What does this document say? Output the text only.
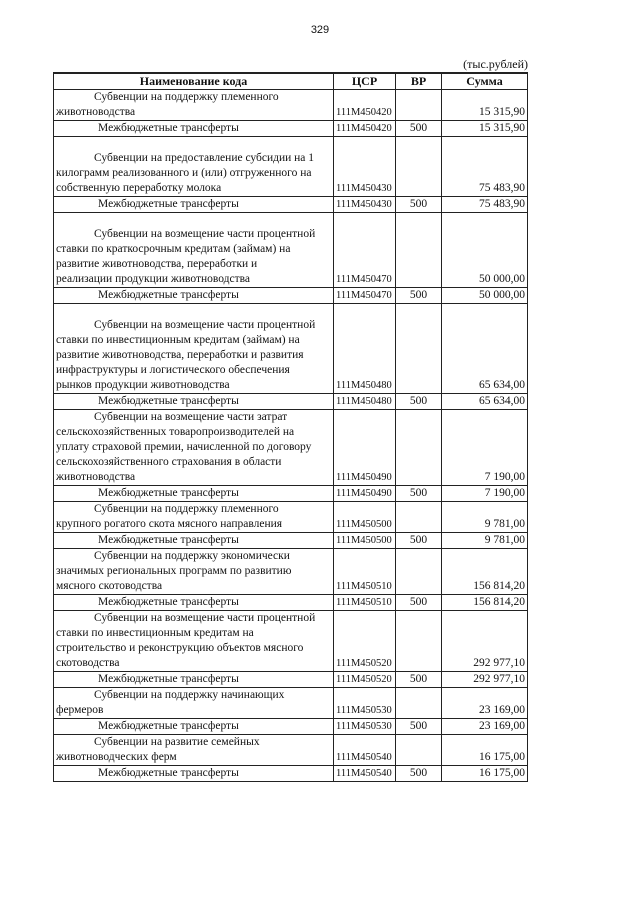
329
(тыс.рублей)
Наименование кода	ЦСР	ВР	Сумма

Субвенции на поддержку племенного
животноводства	111М450420		15 315,90
Межбюджетные трансферты	111М450420	500	15 315,90

Субвенции на предоставление субсидии на 1
килограмм реализованного и (или) отгруженного на
собственную переработку молока	111М450430		75 483,90
Межбюджетные трансферты	111М450430	500	75 483,90

Субвенции на возмещение части процентной
ставки по краткосрочным кредитам (займам) на
развитие животноводства, переработки и
реализации продукции животноводства	111М450470		50 000,00
Межбюджетные трансферты	111М450470	500	50 000,00

Субвенции на возмещение части процентной
ставки по инвестиционным кредитам (займам) на
развитие животноводства, переработки и развития
инфраструктуры и логистического обеспечения
рынков продукции животноводства	111М450480		65 634,00
Межбюджетные трансферты	111М450480	500	65 634,00

Субвенции на возмещение части затрат
сельскохозяйственных товаропроизводителей на
уплату страховой премии, начисленной по договору
сельскохозяйственного страхования в области
животноводства	111М450490		7 190,00
Межбюджетные трансферты	111М450490	500	7 190,00

Субвенции на поддержку племенного
крупного рогатого скота мясного направления	111М450500		9 781,00
Межбюджетные трансферты	111М450500	500	9 781,00

Субвенции на поддержку экономически
значимых региональных программ по развитию
мясного скотоводства	111М450510		156 814,20
Межбюджетные трансферты	111М450510	500	156 814,20

Субвенции на возмещение части процентной
ставки по инвестиционным кредитам на
строительство и реконструкцию объектов мясного
скотоводства	111М450520		292 977,10
Межбюджетные трансферты	111М450520	500	292 977,10

Субвенции на поддержку начинающих
фермеров	111М450530		23 169,00
Межбюджетные трансферты	111М450530	500	23 169,00

Субвенции на развитие семейных
животноводческих ферм	111М450540		16 175,00
Межбюджетные трансферты	111М450540	500	16 175,00
